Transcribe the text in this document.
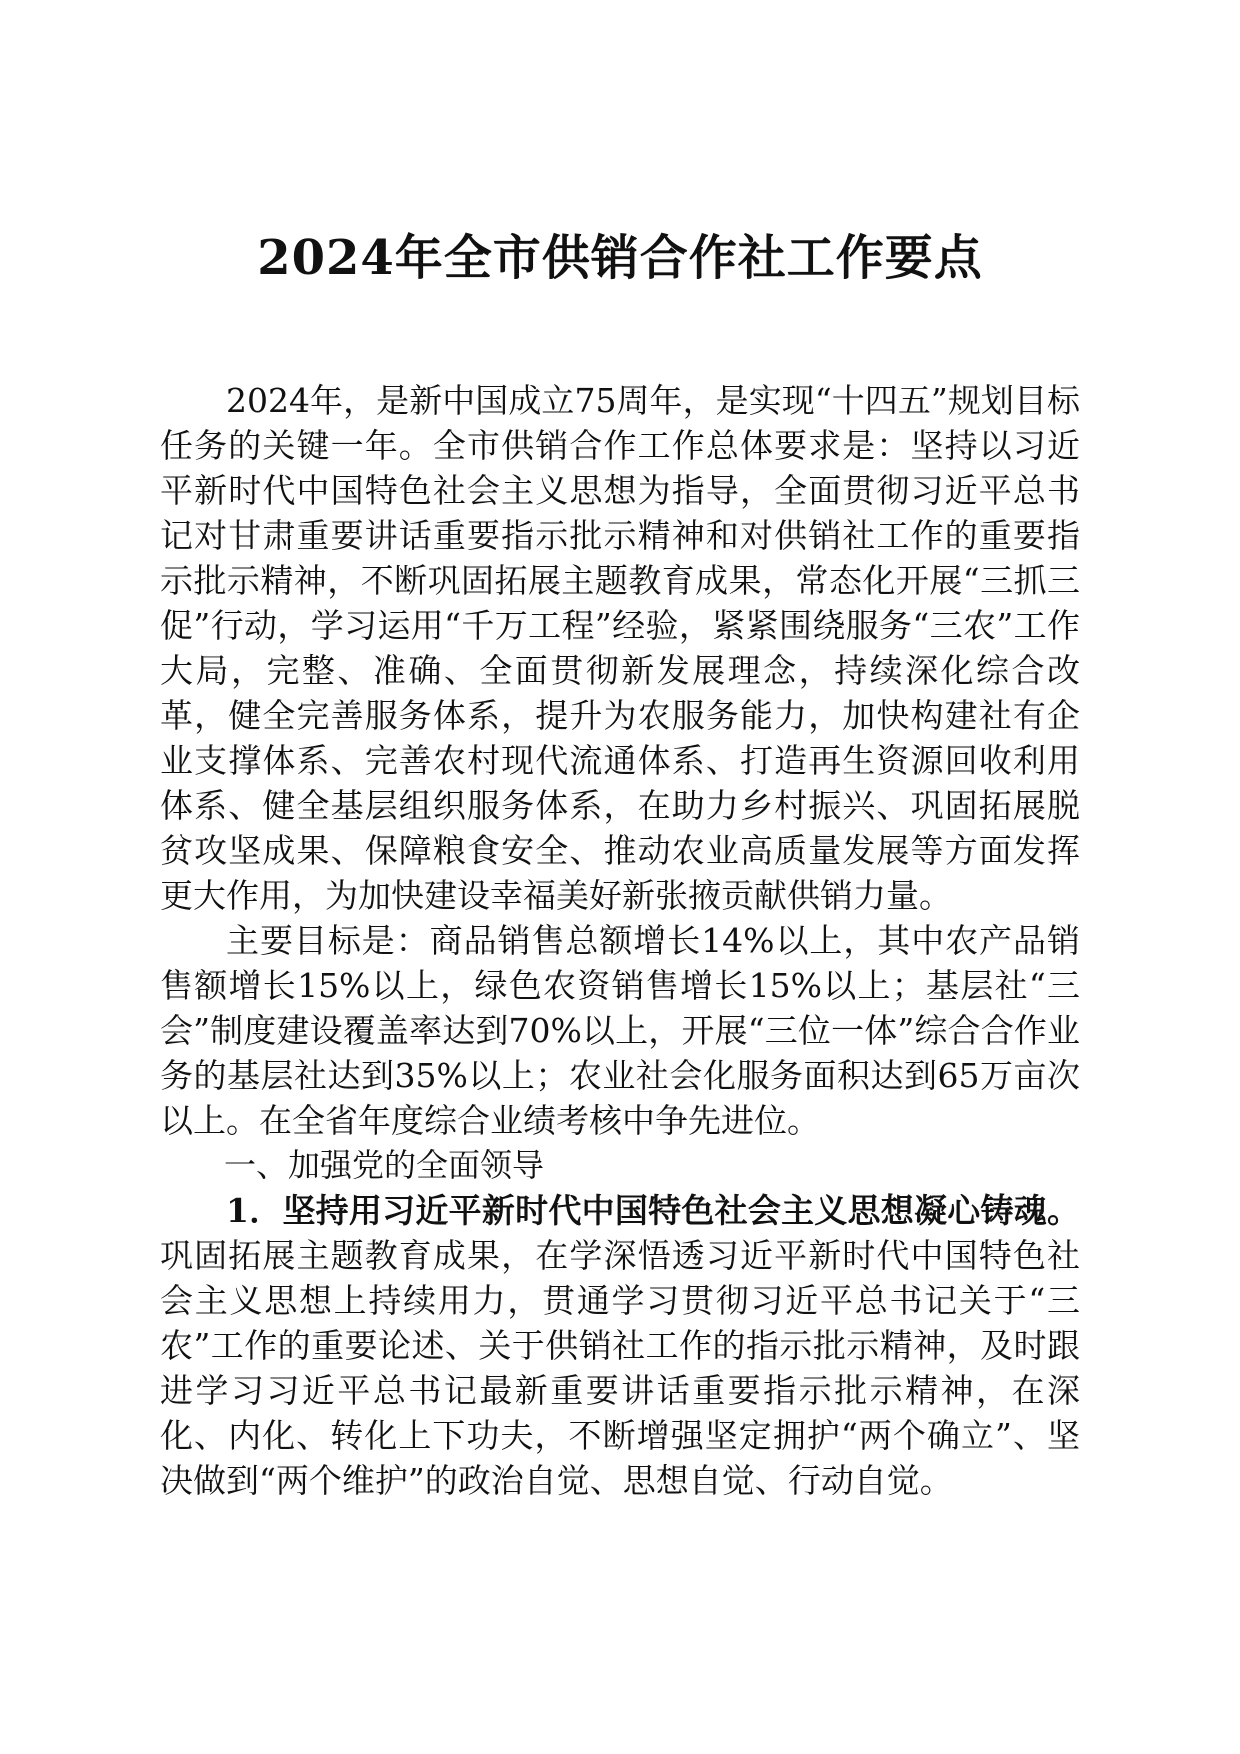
2024年全市供销合作社工作要点

2024年，是新中国成立75周年，是实现“十四五”规划目标任务的关键一年。全市供销合作工作总体要求是：坚持以习近平新时代中国特色社会主义思想为指导，全面贯彻习近平总书记对甘肃重要讲话重要指示批示精神和对供销社工作的重要指示批示精神，不断巩固拓展主题教育成果，常态化开展“三抓三促”行动，学习运用“千万工程”经验，紧紧围绕服务“三农”工作大局，完整、准确、全面贯彻新发展理念，持续深化综合改革，健全完善服务体系，提升为农服务能力，加快构建社有企业支撑体系、完善农村现代流通体系、打造再生资源回收利用体系、健全基层组织服务体系，在助力乡村振兴、巩固拓展脱贫攻坚成果、保障粮食安全、推动农业高质量发展等方面发挥更大作用，为加快建设幸福美好新张掖贡献供销力量。

主要目标是：商品销售总额增长14%以上，其中农产品销售额增长15%以上，绿色农资销售增长15%以上；基层社“三会”制度建设覆盖率达到70%以上，开展“三位一体”综合合作业务的基层社达到35%以上；农业社会化服务面积达到65万亩次以上。在全省年度综合业绩考核中争先进位。

一、加强党的全面领导

1．坚持用习近平新时代中国特色社会主义思想凝心铸魂。巩固拓展主题教育成果，在学深悟透习近平新时代中国特色社会主义思想上持续用力，贯通学习贯彻习近平总书记关于“三农”工作的重要论述、关于供销社工作的指示批示精神，及时跟进学习习近平总书记最新重要讲话重要指示批示精神，在深化、内化、转化上下功夫，不断增强坚定拥护“两个确立”、坚决做到“两个维护”的政治自觉、思想自觉、行动自觉。
